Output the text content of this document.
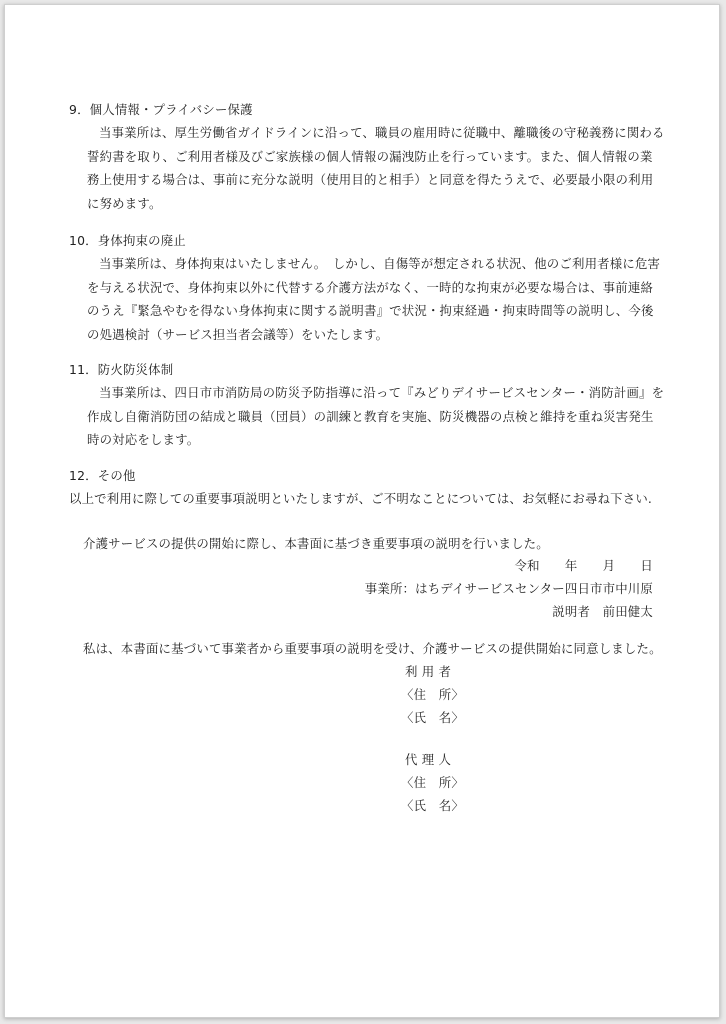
9．個人情報・プライバシー保護
当事業所は、厚生労働省ガイドラインに沿って、職員の雇用時に従職中、離職後の守秘義務に関わる
誓約書を取り、ご利用者様及びご家族様の個人情報の漏洩防止を行っています。また、個人情報の業
務上使用する場合は、事前に充分な説明（使用目的と相手）と同意を得たうえで、必要最小限の利用
に努めます。
10．身体拘束の廃止
当事業所は、身体拘束はいたしません。　しかし、自傷等が想定される状況、他のご利用者様に危害
を与える状況で、身体拘束以外に代替する介護方法がなく、一時的な拘束が必要な場合は、事前連絡
のうえ『緊急やむを得ない身体拘束に関する説明書』で状況・拘束経過・拘束時間等の説明し、今後
の処遇検討（サービス担当者会議等）をいたします。
11．防火防災体制
当事業所は、四日市市消防局の防災予防指導に沿って『みどりデイサービスセンター・消防計画』を
作成し自衛消防団の結成と職員（団員）の訓練と教育を実施、防災機器の点検と維持を重ね災害発生
時の対応をします。
12．その他
以上で利用に際しての重要事項説明といたしますが、ご不明なことについては、お気軽にお尋ね下さい.
介護サービスの提供の開始に際し、本書面に基づき重要事項の説明を行いました。
令和　　年　　月　　日
事業所：はちデイサービスセンター四日市市中川原
説明者　前田健太
私は、本書面に基づいて事業者から重要事項の説明を受け、介護サービスの提供開始に同意しました。
利 用 者
〈住　所〉
〈氏　名〉
代 理 人
〈住　所〉
〈氏　名〉
